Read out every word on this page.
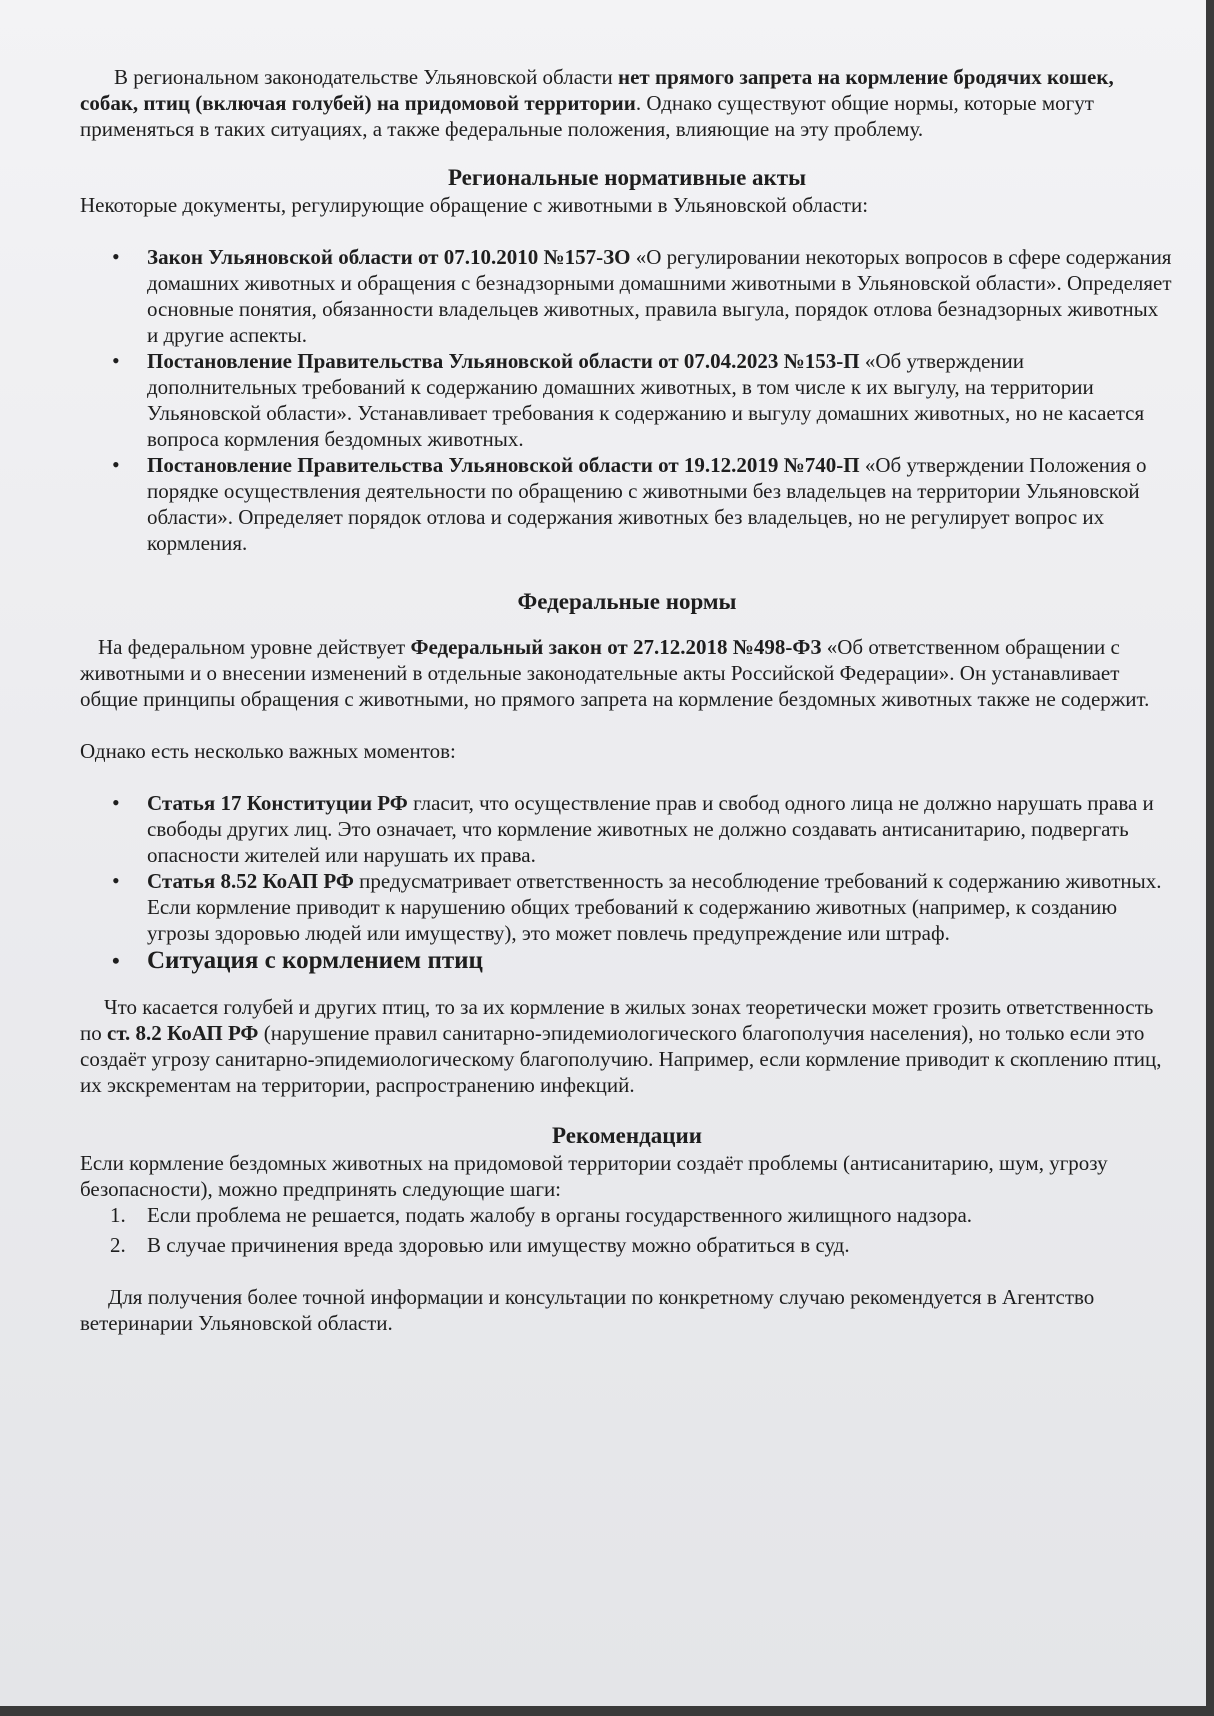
В региональном законодательстве Ульяновской области нет прямого запрета на кормление бродячих кошек, собак, птиц (включая голубей) на придомовой территории. Однако существуют общие нормы, которые могут применяться в таких ситуациях, а также федеральные положения, влияющие на эту проблему.

Региональные нормативные акты

Некоторые документы, регулирующие обращение с животными в Ульяновской области:

• Закон Ульяновской области от 07.10.2010 №157-ЗО «О регулировании некоторых вопросов в сфере содержания домашних животных и обращения с безнадзорными домашними животными в Ульяновской области». Определяет основные понятия, обязанности владельцев животных, правила выгула, порядок отлова безнадзорных животных и другие аспекты.
• Постановление Правительства Ульяновской области от 07.04.2023 №153-П «Об утверждении дополнительных требований к содержанию домашних животных, в том числе к их выгулу, на территории Ульяновской области». Устанавливает требования к содержанию и выгулу домашних животных, но не касается вопроса кормления бездомных животных.
• Постановление Правительства Ульяновской области от 19.12.2019 №740-П «Об утверждении Положения о порядке осуществления деятельности по обращению с животными без владельцев на территории Ульяновской области». Определяет порядок отлова и содержания животных без владельцев, но не регулирует вопрос их кормления.
Федеральные нормы

На федеральном уровне действует Федеральный закон от 27.12.2018 №498-ФЗ «Об ответственном обращении с животными и о внесении изменений в отдельные законодательные акты Российской Федерации». Он устанавливает общие принципы обращения с животными, но прямого запрета на кормление бездомных животных также не содержит.

Однако есть несколько важных моментов:

• Статья 17 Конституции РФ гласит, что осуществление прав и свобод одного лица не должно нарушать права и свободы других лиц. Это означает, что кормление животных не должно создавать антисанитарию, подвергать опасности жителей или нарушать их права.
• Статья 8.52 КоАП РФ предусматривает ответственность за несоблюдение требований к содержанию животных. Если кормление приводит к нарушению общих требований к содержанию животных (например, к созданию угрозы здоровью людей или имуществу), это может повлечь предупреждение или штраф.
• Ситуация с кормлением птиц

Что касается голубей и других птиц, то за их кормление в жилых зонах теоретически может грозить ответственность по ст. 8.2 КоАП РФ (нарушение правил санитарно-эпидемиологического благополучия населения), но только если это создаёт угрозу санитарно-эпидемиологическому благополучию. Например, если кормление приводит к скоплению птиц, их экскрементам на территории, распространению инфекций.

Рекомендации

Если кормление бездомных животных на придомовой территории создаёт проблемы (антисанитарию, шум, угрозу безопасности), можно предпринять следующие шаги:

1. Если проблема не решается, подать жалобу в органы государственного жилищного надзора.
2. В случае причинения вреда здоровью или имуществу можно обратиться в суд.

Для получения более точной информации и консультации по конкретному случаю рекомендуется в Агентство ветеринарии Ульяновской области.
